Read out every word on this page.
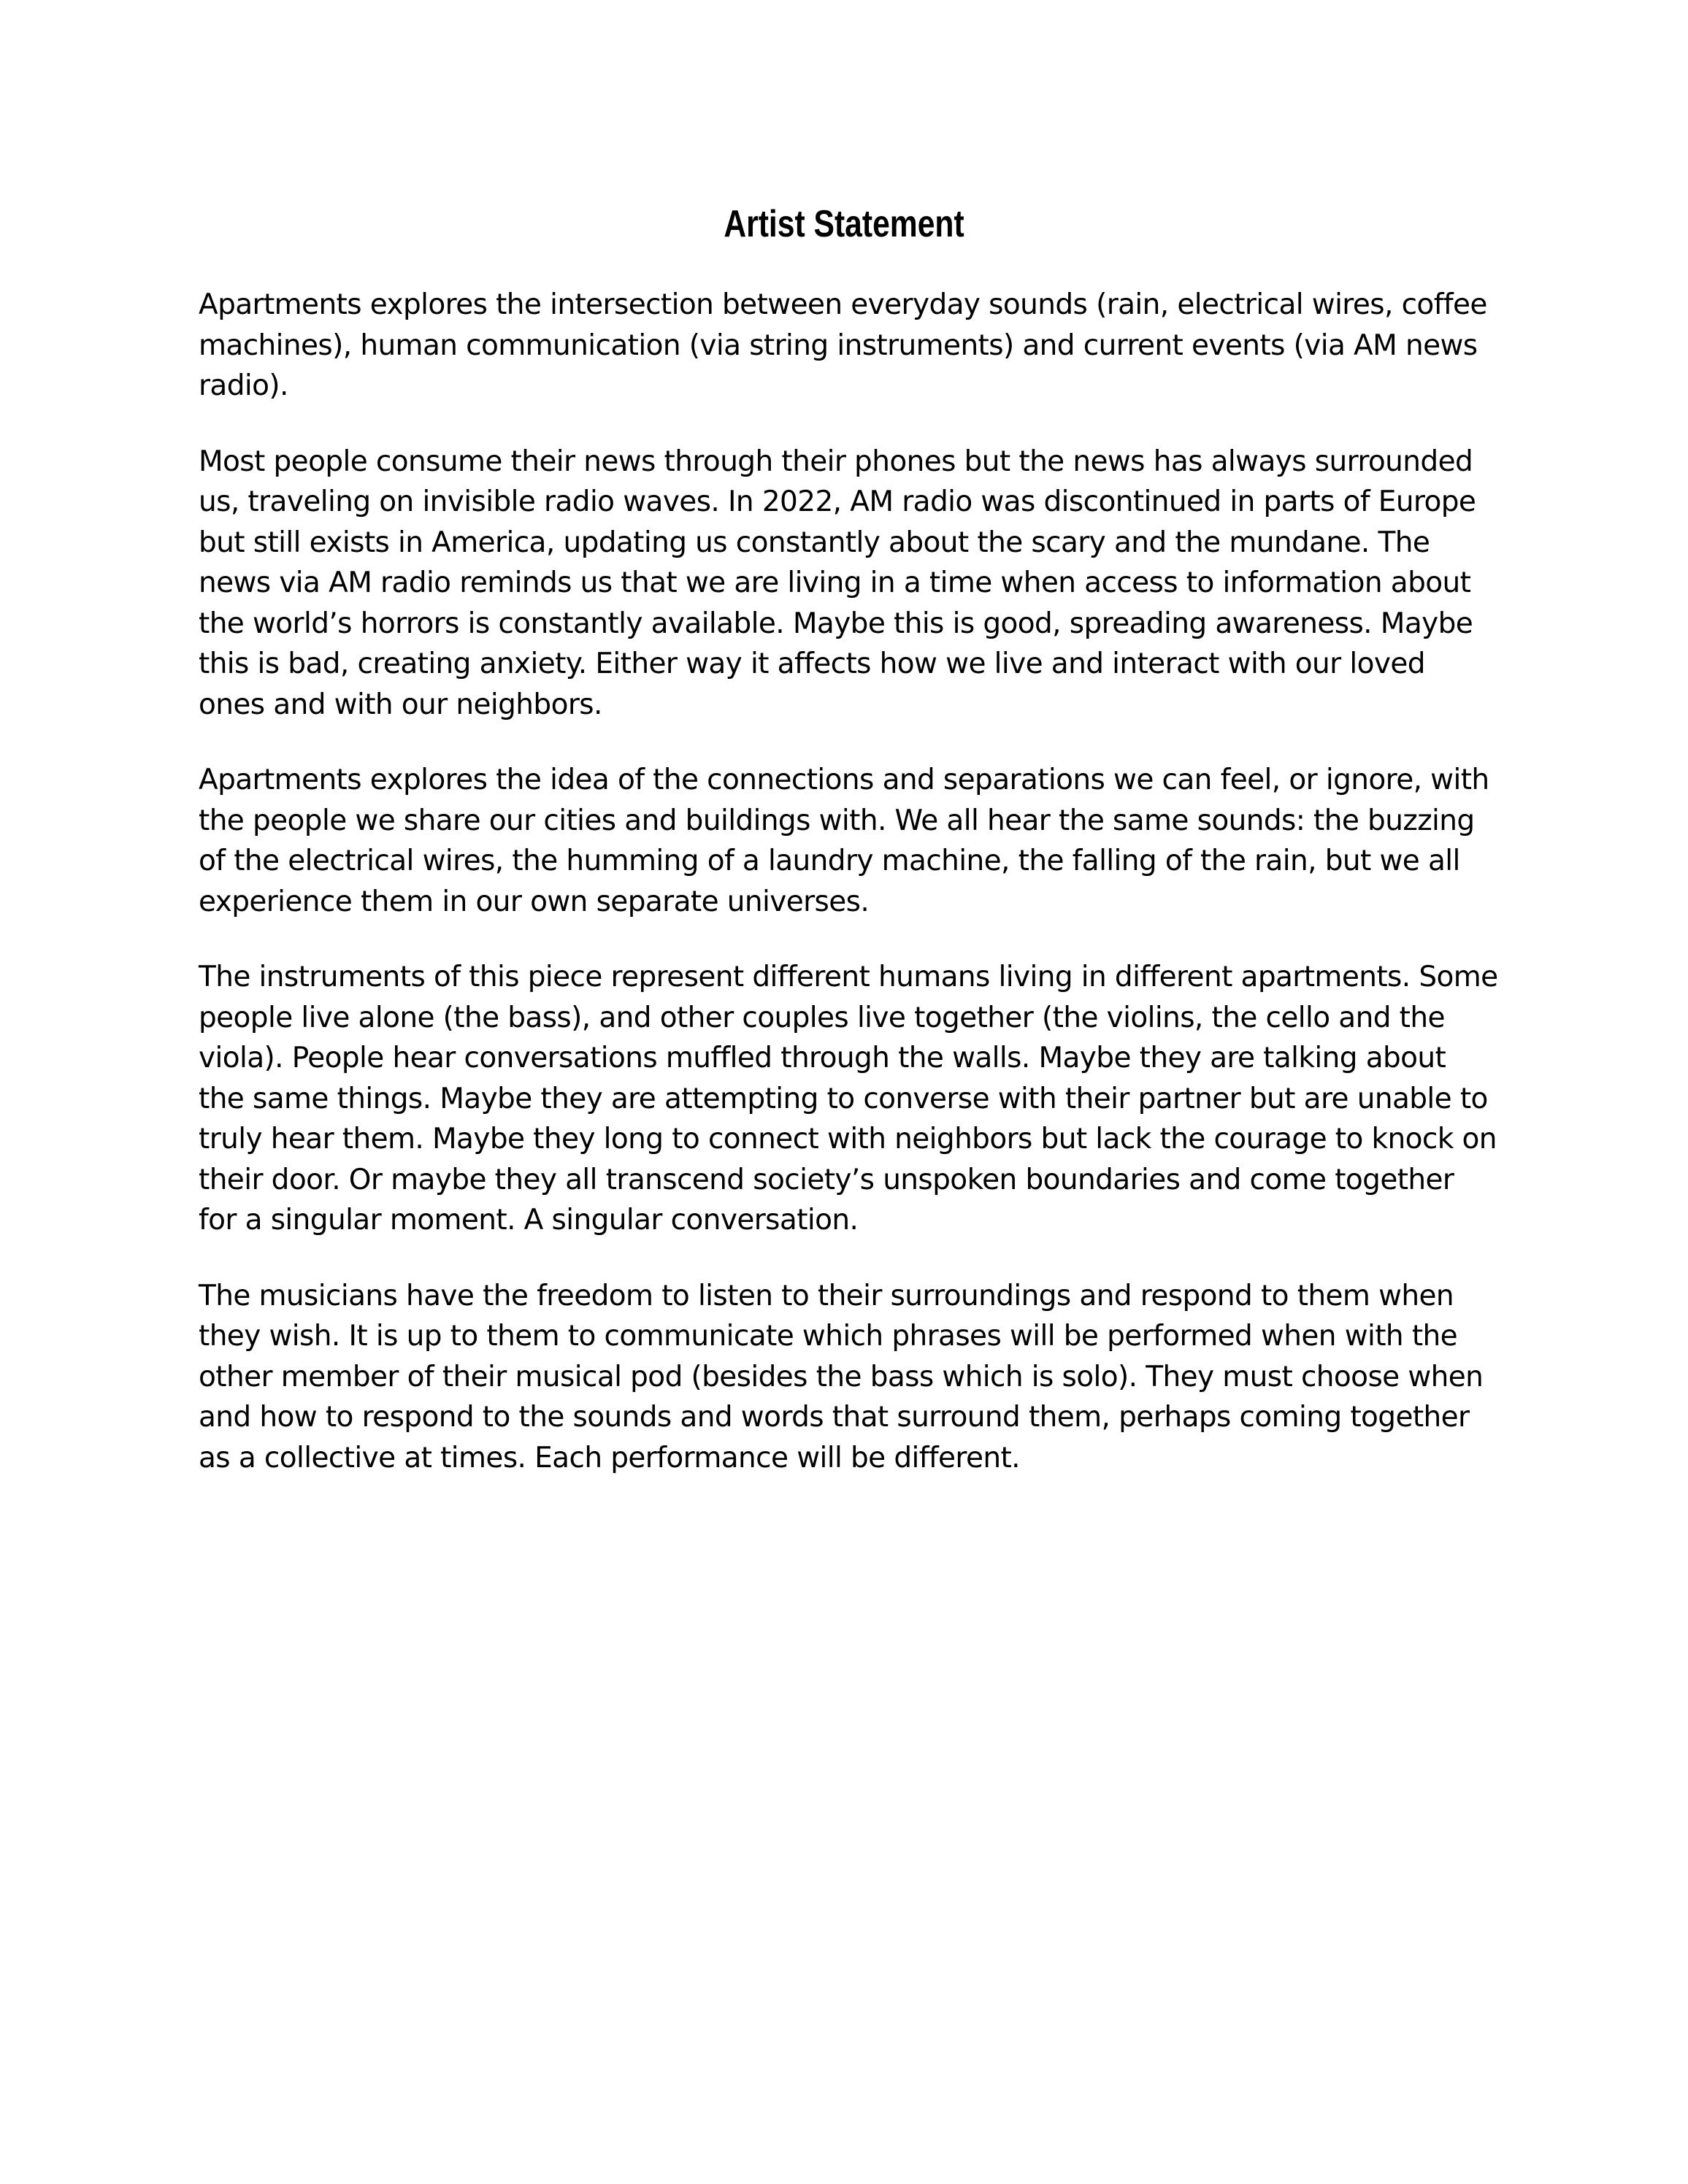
Artist Statement

Apartments explores the intersection between everyday sounds (rain, electrical wires, coffee machines), human communication (via string instruments) and current events (via AM news radio).

Most people consume their news through their phones but the news has always surrounded us, traveling on invisible radio waves. In 2022, AM radio was discontinued in parts of Europe but still exists in America, updating us constantly about the scary and the mundane. The news via AM radio reminds us that we are living in a time when access to information about the world’s horrors is constantly available. Maybe this is good, spreading awareness. Maybe this is bad, creating anxiety. Either way it affects how we live and interact with our loved ones and with our neighbors.

Apartments explores the idea of the connections and separations we can feel, or ignore, with the people we share our cities and buildings with. We all hear the same sounds: the buzzing of the electrical wires, the humming of a laundry machine, the falling of the rain, but we all experience them in our own separate universes.

The instruments of this piece represent different humans living in different apartments. Some people live alone (the bass), and other couples live together (the violins, the cello and the viola). People hear conversations muffled through the walls. Maybe they are talking about the same things. Maybe they are attempting to converse with their partner but are unable to truly hear them. Maybe they long to connect with neighbors but lack the courage to knock on their door. Or maybe they all transcend society’s unspoken boundaries and come together for a singular moment. A singular conversation.

The musicians have the freedom to listen to their surroundings and respond to them when they wish. It is up to them to communicate which phrases will be performed when with the other member of their musical pod (besides the bass which is solo). They must choose when and how to respond to the sounds and words that surround them, perhaps coming together as a collective at times. Each performance will be different.
